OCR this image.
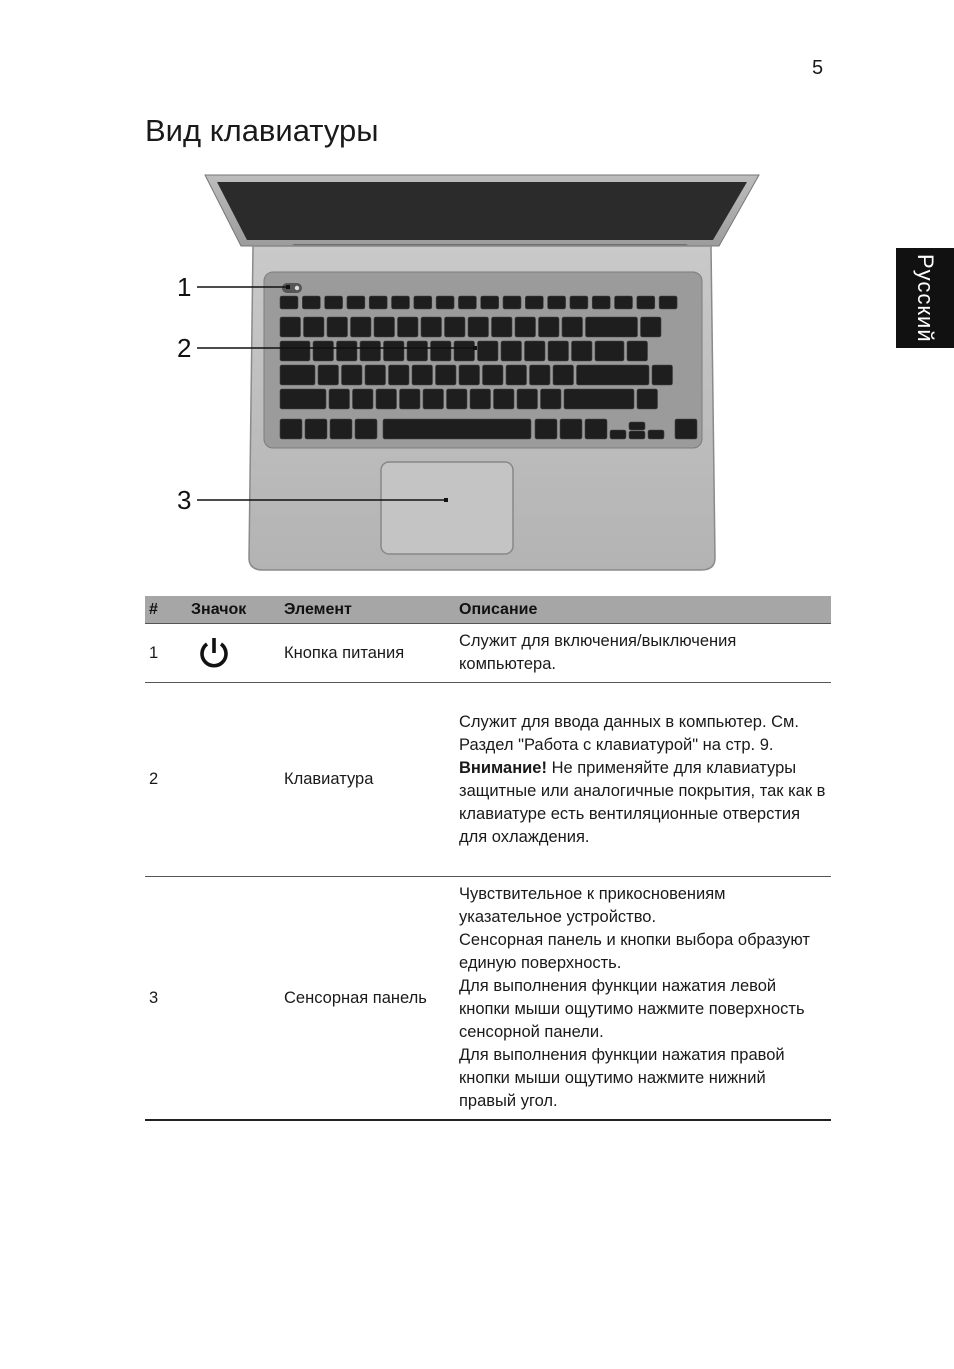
5
Вид клавиатуры
Русский
1
2
3
#	Значок	Элемент	Описание
1		Кнопка питания	Служит для включения/выключения компьютера.

2		Клавиатура	Служит для ввода данных в компьютер. См. Раздел "Работа с клавиатурой" на стр. 9.

Внимание! Не применяйте для клавиатуры защитные или аналогичные покрытия, так как в клавиатуре есть вентиляционные отверстия для охлаждения.

3		Сенсорная панель	Чувствительное к прикосновениям указательное устройство.

Сенсорная панель и кнопки выбора образуют единую поверхность.

Для выполнения функции нажатия левой кнопки мыши ощутимо нажмите поверхность сенсорной панели.

Для выполнения функции нажатия правой кнопки мыши ощутимо нажмите нижний правый угол.
